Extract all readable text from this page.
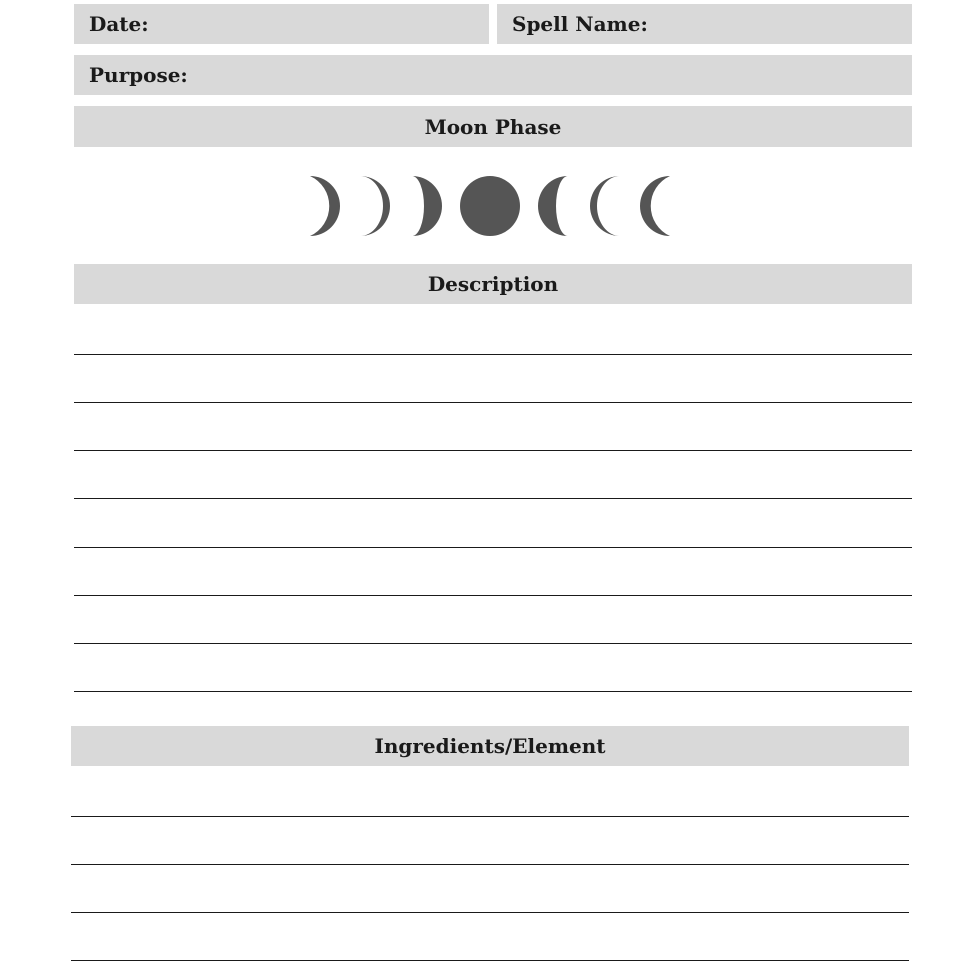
Date:	Spell Name:
Purpose:
Moon Phase
Description
Ingredients/Element
